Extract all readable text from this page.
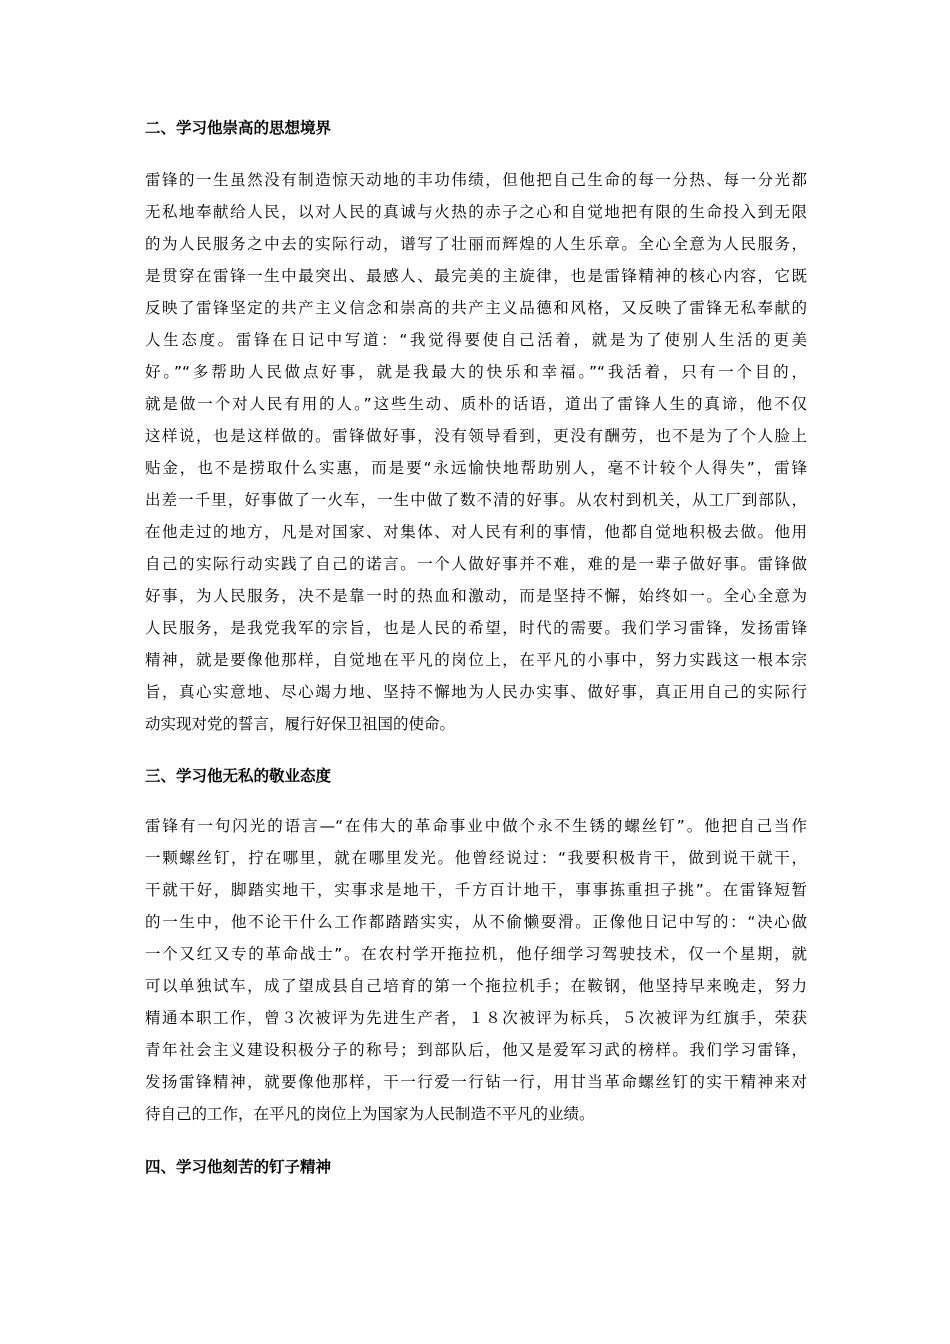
二、学习他崇高的思想境界
雷锋的一生虽然没有制造惊天动地的丰功伟绩，但他把自己生命的每一分热、每一分光都
无私地奉献给人民，以对人民的真诚与火热的赤子之心和自觉地把有限的生命投入到无限
的为人民服务之中去的实际行动，谱写了壮丽而辉煌的人生乐章。全心全意为人民服务，
是贯穿在雷锋一生中最突出、最感人、最完美的主旋律，也是雷锋精神的核心内容，它既
反映了雷锋坚定的共产主义信念和崇高的共产主义品德和风格，又反映了雷锋无私奉献的
人生态度。雷锋在日记中写道：“我觉得要使自己活着，就是为了使别人生活的更美
好。”“多帮助人民做点好事，就是我最大的快乐和幸福。”“我活着，只有一个目的，
就是做一个对人民有用的人。”这些生动、质朴的话语，道出了雷锋人生的真谛，他不仅
这样说，也是这样做的。雷锋做好事，没有领导看到，更没有酬劳，也不是为了个人脸上
贴金，也不是捞取什么实惠，而是要“永远愉快地帮助别人，毫不计较个人得失”，雷锋
出差一千里，好事做了一火车，一生中做了数不清的好事。从农村到机关，从工厂到部队，
在他走过的地方，凡是对国家、对集体、对人民有利的事情，他都自觉地积极去做。他用
自己的实际行动实践了自己的诺言。一个人做好事并不难，难的是一辈子做好事。雷锋做
好事，为人民服务，决不是靠一时的热血和激动，而是坚持不懈，始终如一。全心全意为
人民服务，是我党我军的宗旨，也是人民的希望，时代的需要。我们学习雷锋，发扬雷锋
精神，就是要像他那样，自觉地在平凡的岗位上，在平凡的小事中，努力实践这一根本宗
旨，真心实意地、尽心竭力地、坚持不懈地为人民办实事、做好事，真正用自己的实际行
动实现对党的誓言，履行好保卫祖国的使命。
三、学习他无私的敬业态度
雷锋有一句闪光的语言—“在伟大的革命事业中做个永不生锈的螺丝钉”。他把自己当作
一颗螺丝钉，拧在哪里，就在哪里发光。他曾经说过：“我要积极肯干，做到说干就干，
干就干好，脚踏实地干，实事求是地干，千方百计地干，事事拣重担子挑”。在雷锋短暂
的一生中，他不论干什么工作都踏踏实实，从不偷懒耍滑。正像他日记中写的：“决心做
一个又红又专的革命战士”。在农村学开拖拉机，他仔细学习驾驶技术，仅一个星期，就
可以单独试车，成了望成县自己培育的第一个拖拉机手；在鞍钢，他坚持早来晚走，努力
精通本职工作，曾３次被评为先进生产者，１８次被评为标兵，５次被评为红旗手，荣获
青年社会主义建设积极分子的称号；到部队后，他又是爱军习武的榜样。我们学习雷锋，
发扬雷锋精神，就要像他那样，干一行爱一行钻一行，用甘当革命螺丝钉的实干精神来对
待自己的工作，在平凡的岗位上为国家为人民制造不平凡的业绩。
四、学习他刻苦的钉子精神
